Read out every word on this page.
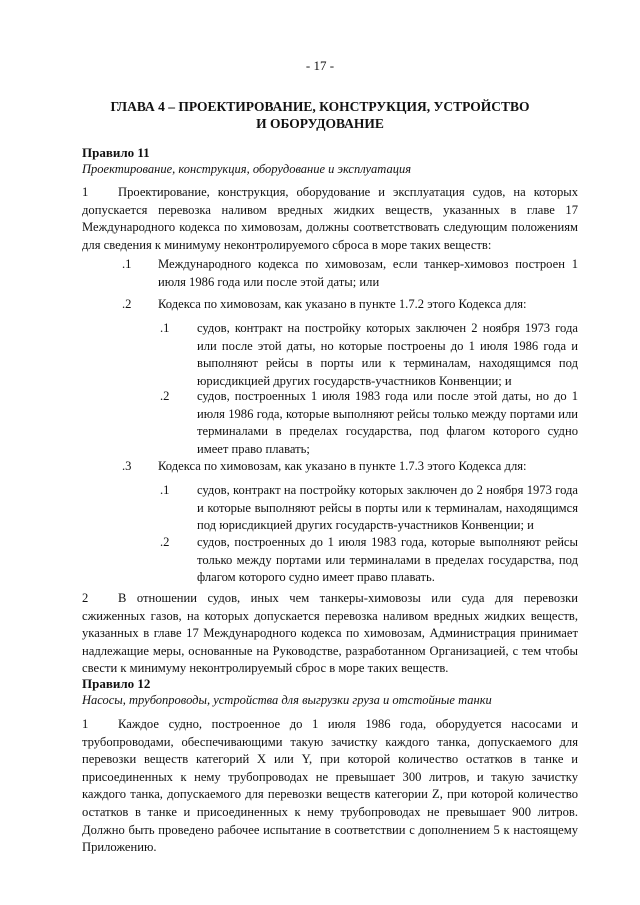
- 17 -
ГЛАВА 4 – ПРОЕКТИРОВАНИЕ, КОНСТРУКЦИЯ, УСТРОЙСТВО
И ОБОРУДОВАНИЕ
Правило 11
Проектирование, конструкция, оборудование и эксплуатация
1	Проектирование, конструкция, оборудование и эксплуатация судов, на которых допускается перевозка наливом вредных жидких веществ, указанных в главе 17 Международного кодекса по химовозам, должны соответствовать следующим положениям для сведения к минимуму неконтролируемого сброса в море таких веществ:
.1 Международного кодекса по химовозам, если танкер-химовоз построен 1 июля 1986 года или после этой даты; или
.2 Кодекса по химовозам, как указано в пункте 1.7.2 этого Кодекса для:
.1 судов, контракт на постройку которых заключен 2 ноября 1973 года или после этой даты, но которые построены до 1 июля 1986 года и выполняют рейсы в порты или к терминалам, находящимся под юрисдикцией других государств-участников Конвенции; и
.2 судов, построенных 1 июля 1983 года или после этой даты, но до 1 июля 1986 года, которые выполняют рейсы только между портами или терминалами в пределах государства, под флагом которого судно имеет право плавать;
.3 Кодекса по химовозам, как указано в пункте 1.7.3 этого Кодекса для:
.1 судов, контракт на постройку которых заключен до 2 ноября 1973 года и которые выполняют рейсы в порты или к терминалам, находящимся под юрисдикцией других государств-участников Конвенции; и
.2 судов, построенных до 1 июля 1983 года, которые выполняют рейсы только между портами или терминалами в пределах государства, под флагом которого судно имеет право плавать.
2	В отношении судов, иных чем танкеры-химовозы или суда для перевозки сжиженных газов, на которых допускается перевозка наливом вредных жидких веществ, указанных в главе 17 Международного кодекса по химовозам, Администрация принимает надлежащие меры, основанные на Руководстве, разработанном Организацией, с тем чтобы свести к минимуму неконтролируемый сброс в море таких веществ.
Правило 12
Насосы, трубопроводы, устройства для выгрузки груза и отстойные танки
1	Каждое судно, построенное до 1 июля 1986 года, оборудуется насосами и трубопроводами, обеспечивающими такую зачистку каждого танка, допускаемого для перевозки веществ категорий X или Y, при которой количество остатков в танке и присоединенных к нему трубопроводах не превышает 300 литров, и такую зачистку каждого танка, допускаемого для перевозки веществ категории Z, при которой количество остатков в танке и присоединенных к нему трубопроводах не превышает 900 литров. Должно быть проведено рабочее испытание в соответствии с дополнением 5 к настоящему Приложению.
